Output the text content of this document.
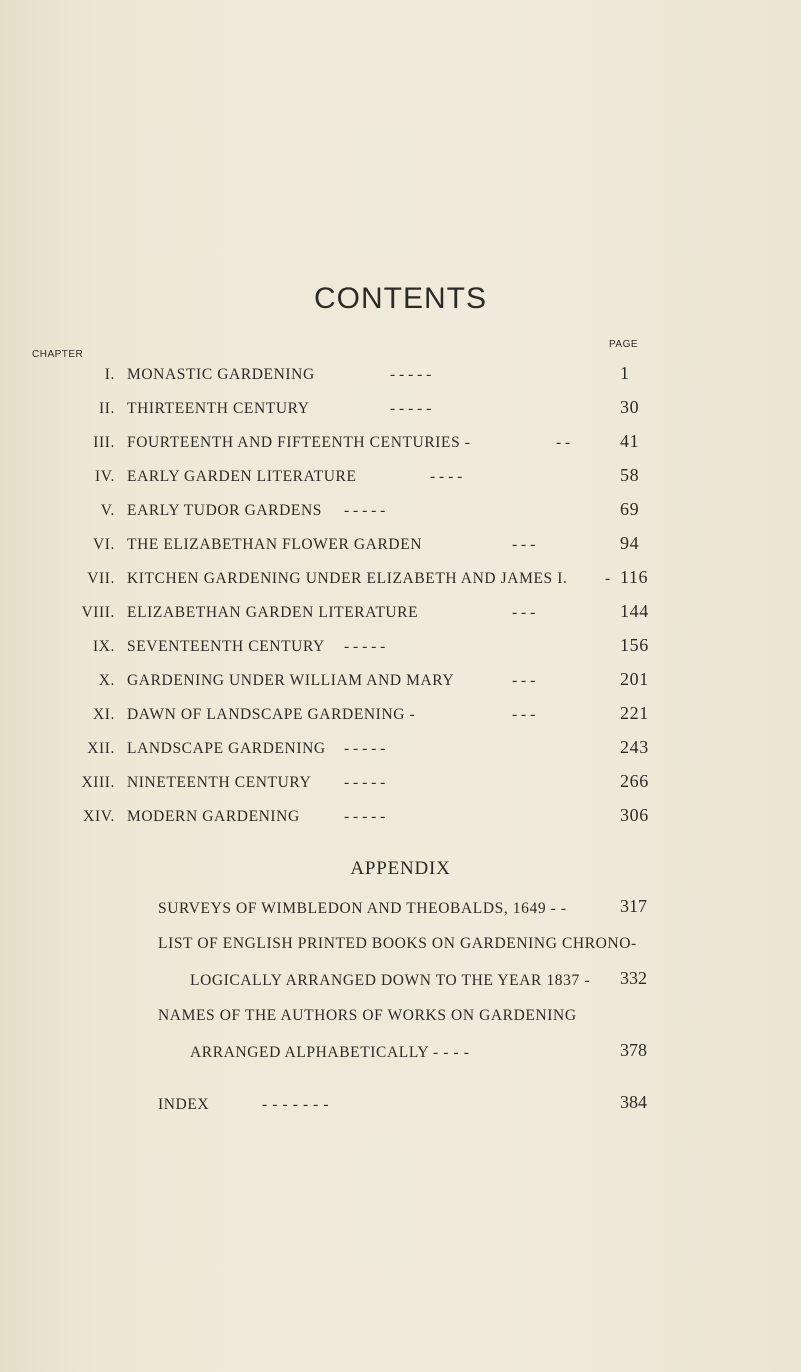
CONTENTS
CHAPTER
PAGE
I. MONASTIC GARDENING	- - - - -	1
II. THIRTEENTH CENTURY	- - - - -	30
III. FOURTEENTH AND FIFTEENTH CENTURIES -	- -	41
IV. EARLY GARDEN LITERATURE	- - - -	58
V. EARLY TUDOR GARDENS - - - - -	69
VI. THE ELIZABETHAN FLOWER GARDEN	- - -	94
VII. KITCHEN GARDENING UNDER ELIZABETH AND JAMES I. - 116
VIII. ELIZABETHAN GARDEN LITERATURE	- - -	144
IX. SEVENTEENTH CENTURY - - - - -	156
X. GARDENING UNDER WILLIAM AND MARY	- - -	201
XI. DAWN OF LANDSCAPE GARDENING -	- - -	221
XII. LANDSCAPE GARDENING - - - - -	243
XIII. NINETEENTH CENTURY - - - - -	266
XIV. MODERN GARDENING	- - - - -	306
APPENDIX
SURVEYS OF WIMBLEDON AND THEOBALDS, 1649 - -	317
LIST OF ENGLISH PRINTED BOOKS ON GARDENING CHRONO-
LOGICALLY ARRANGED DOWN TO THE YEAR 1837 - 332
NAMES OF THE AUTHORS OF WORKS ON GARDENING
ARRANGED ALPHABETICALLY - - - -	378
INDEX	- - - - - - -	384
